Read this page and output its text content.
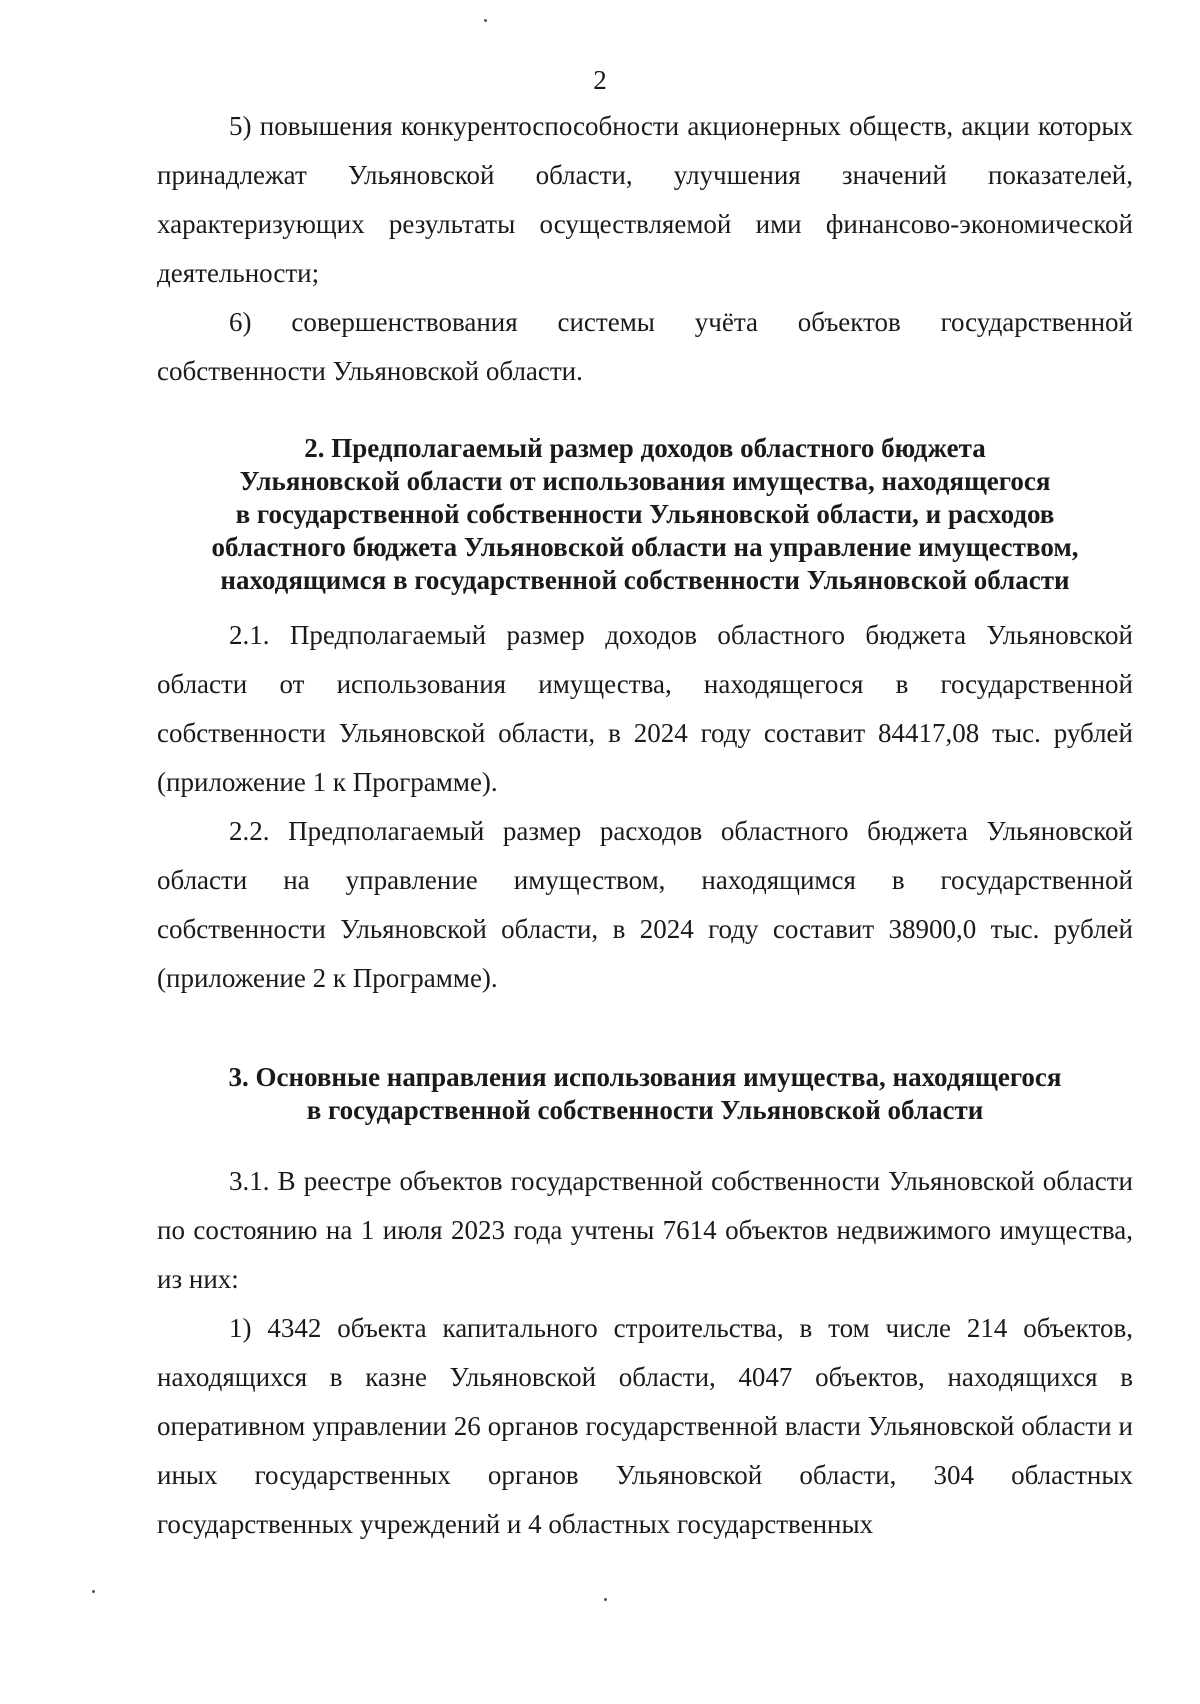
2

5) повышения конкурентоспособности акционерных обществ, акции которых принадлежат Ульяновской области, улучшения значений показателей, характеризующих результаты осуществляемой ими финансово-экономической деятельности;

6) совершенствования системы учёта объектов государственной собственности Ульяновской области.

2. Предполагаемый размер доходов областного бюджета
Ульяновской области от использования имущества, находящегося
в государственной собственности Ульяновской области, и расходов
областного бюджета Ульяновской области на управление имуществом,
находящимся в государственной собственности Ульяновской области

2.1. Предполагаемый размер доходов областного бюджета Ульяновской области от использования имущества, находящегося в государственной собственности Ульяновской области, в 2024 году составит 84417,08 тыс. рублей (приложение 1 к Программе).

2.2. Предполагаемый размер расходов областного бюджета Ульяновской области на управление имуществом, находящимся в государственной собственности Ульяновской области, в 2024 году составит 38900,0 тыс. рублей (приложение 2 к Программе).

3. Основные направления использования имущества, находящегося
в государственной собственности Ульяновской области

3.1. В реестре объектов государственной собственности Ульяновской области по состоянию на 1 июля 2023 года учтены 7614 объектов недвижимого имущества, из них:

1) 4342 объекта капитального строительства, в том числе 214 объектов, находящихся в казне Ульяновской области, 4047 объектов, находящихся в оперативном управлении 26 органов государственной власти Ульяновской области и иных государственных органов Ульяновской области, 304 областных государственных учреждений и 4 областных государственных
